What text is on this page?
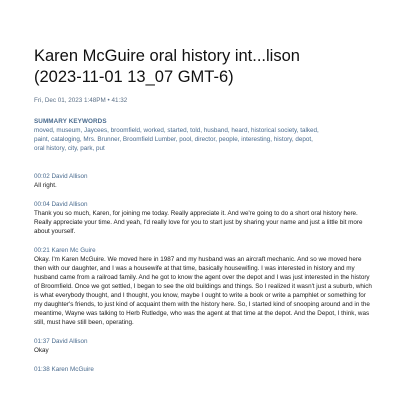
Karen McGuire oral history int...lison
(2023-11-01 13_07 GMT-6)
Fri, Dec 01, 2023 1:48PM • 41:32
SUMMARY KEYWORDS
moved, museum, Jaycees, broomfield, worked, started, told, husband, heard, historical society, talked,
paint, cataloging, Mrs. Brunner, Broomfield Lumber, pool, director, people, interesting, history, depot,
oral history, city, park, put
00:02 David Allison
All right.
00:04 David Allison
Thank you so much, Karen, for joining me today. Really appreciate it. And we're going to do a short oral history here. Really appreciate your time. And yeah, I'd really love for you to start just by sharing your name and just a little bit more about yourself.
00:21 Karen Mc Guire
Okay. I'm Karen McGuire. We moved here in 1987 and my husband was an aircraft mechanic. And so we moved here then with our daughter, and I was a housewife at that time, basically housewifing. I was interested in history and my husband came from a railroad family. And he got to know the agent over the depot and I was just interested in the history of Broomfield. Once we got settled, I began to see the old buildings and things. So I realized it wasn't just a suburb, which is what everybody thought, and I thought, you know, maybe I ought to write a book or write a pamphlet or something for my daughter's friends, to just kind of acquaint them with the history here. So, I started kind of snooping around and in the meantime, Wayne was talking to Herb Rutledge, who was the agent at that time at the depot. And the Depot, I think, was still, must have still been, operating.
01:37 David Allison
Okay
01:38 Karen McGuire
